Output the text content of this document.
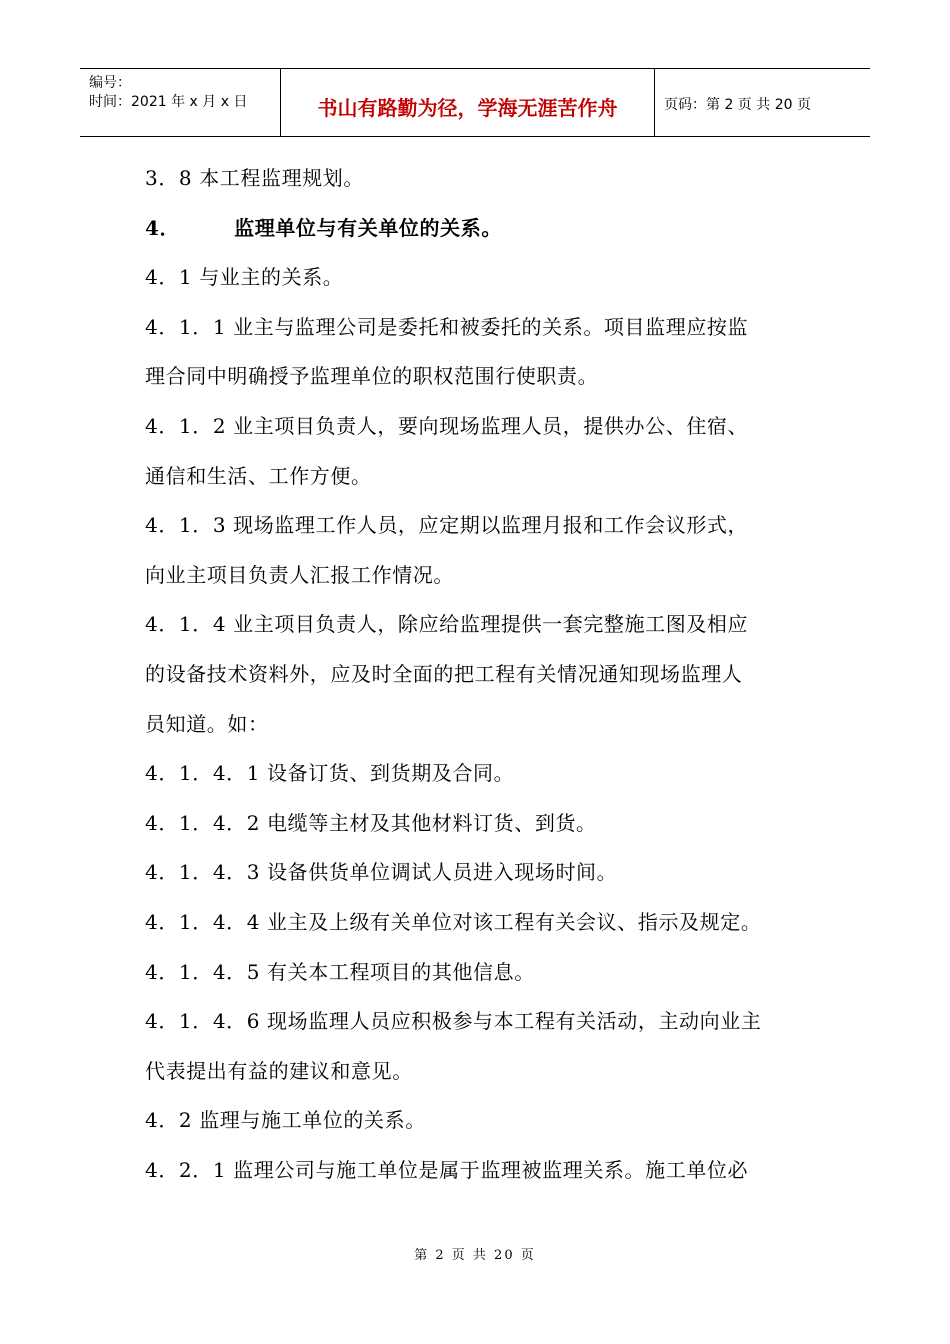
编号：
时间：2021 年 x 月 x 日	书山有路勤为径，学海无涯苦作舟	页码：第 2 页 共 20 页
3．8 本工程监理规划。
4．	监理单位与有关单位的关系。
4．1 与业主的关系。
4．1．1 业主与监理公司是委托和被委托的关系。项目监理应按监
理合同中明确授予监理单位的职权范围行使职责。
4．1．2 业主项目负责人，要向现场监理人员，提供办公、住宿、
通信和生活、工作方便。
4．1．3 现场监理工作人员，应定期以监理月报和工作会议形式，
向业主项目负责人汇报工作情况。
4．1．4 业主项目负责人，除应给监理提供一套完整施工图及相应
的设备技术资料外，应及时全面的把工程有关情况通知现场监理人
员知道。如：
4．1．4．1 设备订货、到货期及合同。
4．1．4．2 电缆等主材及其他材料订货、到货。
4．1．4．3 设备供货单位调试人员进入现场时间。
4．1．4．4 业主及上级有关单位对该工程有关会议、指示及规定。
4．1．4．5 有关本工程项目的其他信息。
4．1．4．6 现场监理人员应积极参与本工程有关活动，主动向业主
代表提出有益的建议和意见。
4．2 监理与施工单位的关系。
4．2．1 监理公司与施工单位是属于监理被监理关系。施工单位必
第 2 页 共 20 页
